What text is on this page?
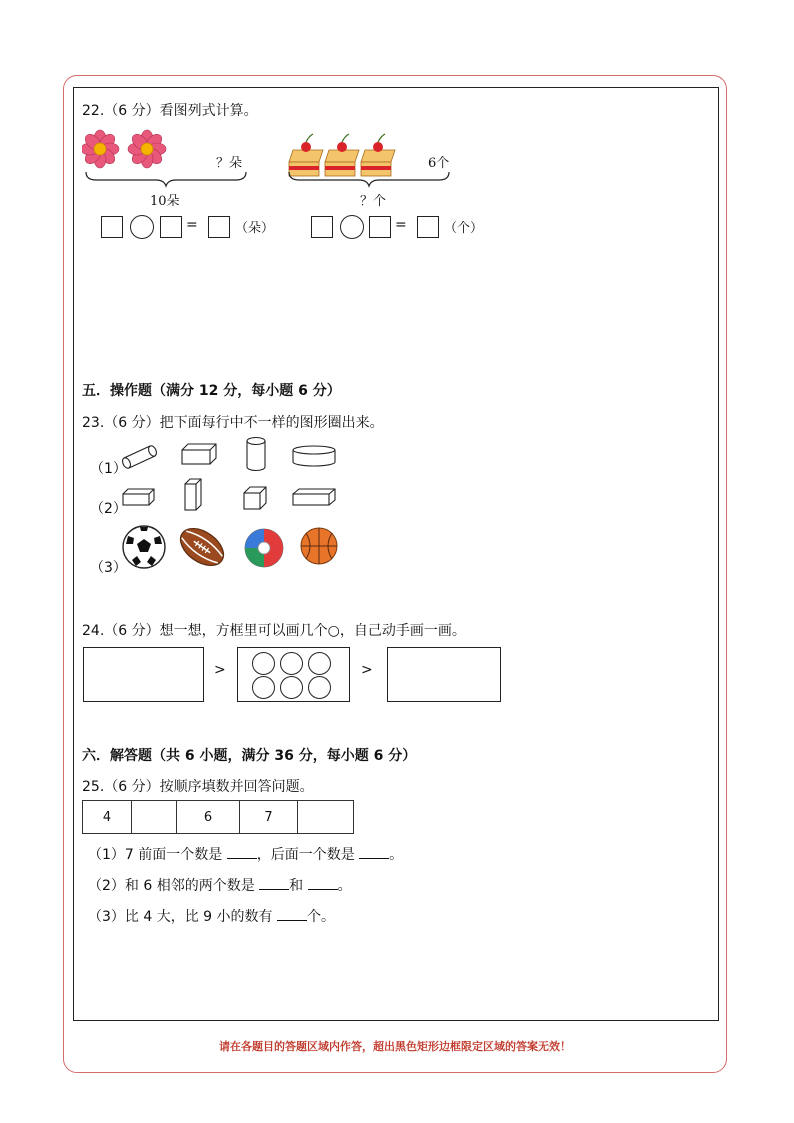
22.（6 分）看图列式计算。
？朵
10朵
6个
？个
=	（朵）	=	（个）
五．操作题（满分 12 分，每小题 6 分）
23.（6 分）把下面每行中不一样的图形圈出来。
（1）
（2）
（3）
24.（6 分）想一想，方框里可以画几个○，自己动手画一画。
>	>
六．解答题（共 6 小题，满分 36 分，每小题 6 分）
25.（6 分）按顺序填数并回答问题。
4		6	7	
（1）7 前面一个数是 ，后面一个数是 。
（2）和 6 相邻的两个数是 和 。
（3）比 4 大，比 9 小的数有 个。
请在各题目的答题区域内作答，超出黑色矩形边框限定区域的答案无效！
